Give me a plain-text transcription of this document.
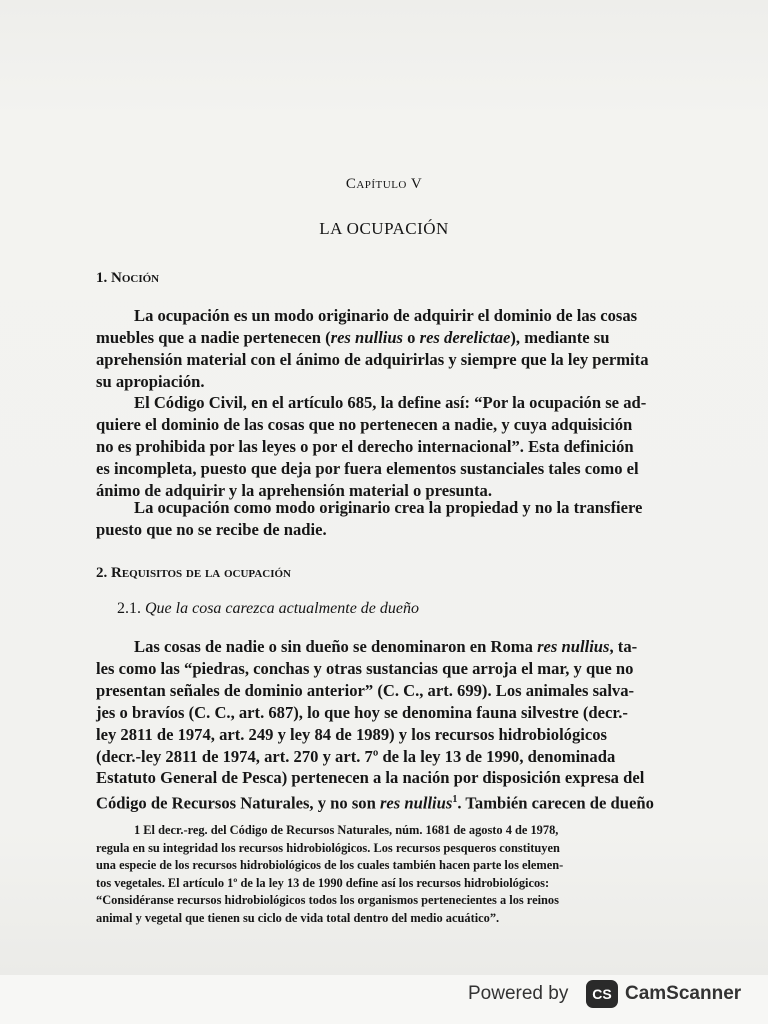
Capítulo V
LA OCUPACIÓN
1. Noción

La ocupación es un modo originario de adquirir el dominio de las cosas
muebles que a nadie pertenecen (res nullius o res derelictae), mediante su
aprehensión material con el ánimo de adquirirlas y siempre que la ley permita
su apropiación.

El Código Civil, en el artículo 685, la define así: “Por la ocupación se ad-
quiere el dominio de las cosas que no pertenecen a nadie, y cuya adquisición
no es prohibida por las leyes o por el derecho internacional”. Esta definición
es incompleta, puesto que deja por fuera elementos sustanciales tales como el
ánimo de adquirir y la aprehensión material o presunta.

La ocupación como modo originario crea la propiedad y no la transfiere
puesto que no se recibe de nadie.

2. Requisitos de la ocupación
2.1. Que la cosa carezca actualmente de dueño

Las cosas de nadie o sin dueño se denominaron en Roma res nullius, ta-
les como las “piedras, conchas y otras sustancias que arroja el mar, y que no
presentan señales de dominio anterior” (C. C., art. 699). Los animales salva-
jes o bravíos (C. C., art. 687), lo que hoy se denomina fauna silvestre (decr.-
ley 2811 de 1974, art. 249 y ley 84 de 1989) y los recursos hidrobiológicos
(decr.-ley 2811 de 1974, art. 270 y art. 7º de la ley 13 de 1990, denominada
Estatuto General de Pesca) pertenecen a la nación por disposición expresa del
Código de Recursos Naturales, y no son res nullius$^1$. También carecen de dueño

1 El decr.-reg. del Código de Recursos Naturales, núm. 1681 de agosto 4 de 1978,
regula en su integridad los recursos hidrobiológicos. Los recursos pesqueros constituyen
una especie de los recursos hidrobiológicos de los cuales también hacen parte los elemen-
tos vegetales. El artículo 1º de la ley 13 de 1990 define así los recursos hidrobiológicos:
“Considéranse recursos hidrobiológicos todos los organismos pertenecientes a los reinos
animal y vegetal que tienen su ciclo de vida total dentro del medio acuático”.

Powered by	CS CamScanner
